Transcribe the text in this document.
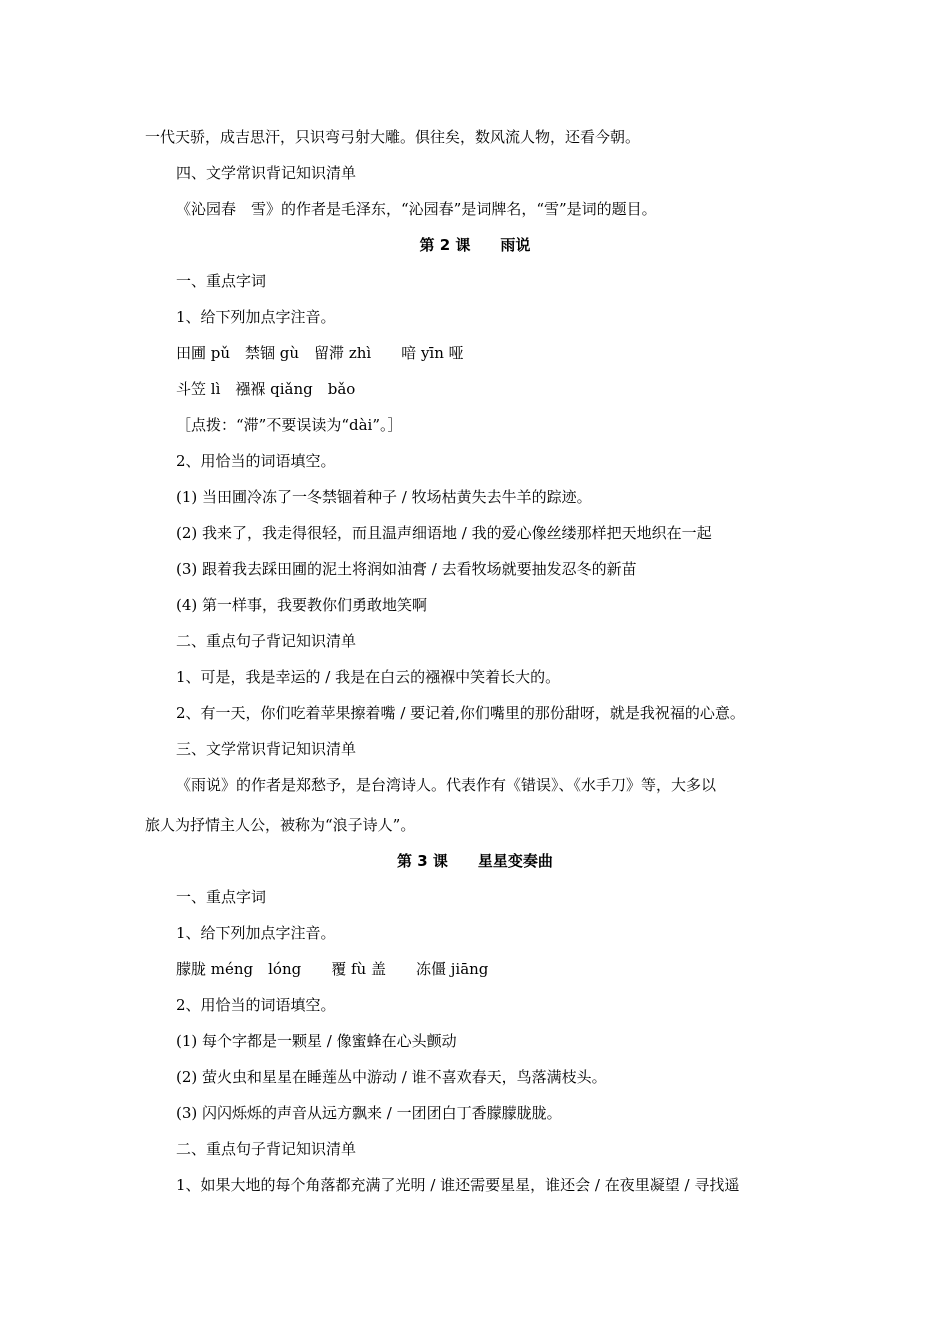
一代天骄，成吉思汗，只识弯弓射大雕。俱往矣，数风流人物，还看今朝。
四、文学常识背记知识清单
《沁园春　雪》的作者是毛泽东，“沁园春”是词牌名，“雪”是词的题目。
第 2 课　　雨说
一、重点字词
1、给下列加点字注音。
田圃 pǔ　禁锢 gù　留滞 zhì　　喑 yīn 哑
斗笠 lì　襁褓 qiǎng　bǎo
［点拨：“滞”不要误读为“dài”。］
2、用恰当的词语填空。
(1) 当田圃冷冻了一冬禁锢着种子 / 牧场枯黄失去牛羊的踪迹。
(2) 我来了，我走得很轻，而且温声细语地 / 我的爱心像丝缕那样把天地织在一起
(3) 跟着我去踩田圃的泥土将润如油膏 / 去看牧场就要抽发忍冬的新苗
(4) 第一样事，我要教你们勇敢地笑啊
二、重点句子背记知识清单
1、可是，我是幸运的 / 我是在白云的襁褓中笑着长大的。
2、有一天，你们吃着苹果擦着嘴 / 要记着,你们嘴里的那份甜呀，就是我祝福的心意。
三、文学常识背记知识清单
《雨说》的作者是郑愁予，是台湾诗人。代表作有《错误》、《水手刀》等，大多以
旅人为抒情主人公，被称为“浪子诗人”。
第 3 课　　星星变奏曲
一、重点字词
1、给下列加点字注音。
朦胧 méng　lóng　　覆 fù 盖　　冻僵 jiāng
2、用恰当的词语填空。
(1) 每个字都是一颗星 / 像蜜蜂在心头颤动
(2) 萤火虫和星星在睡莲丛中游动 / 谁不喜欢春天，鸟落满枝头。
(3) 闪闪烁烁的声音从远方飘来 / 一团团白丁香朦朦胧胧。
二、重点句子背记知识清单
1、如果大地的每个角落都充满了光明 / 谁还需要星星，谁还会 / 在夜里凝望 / 寻找遥
